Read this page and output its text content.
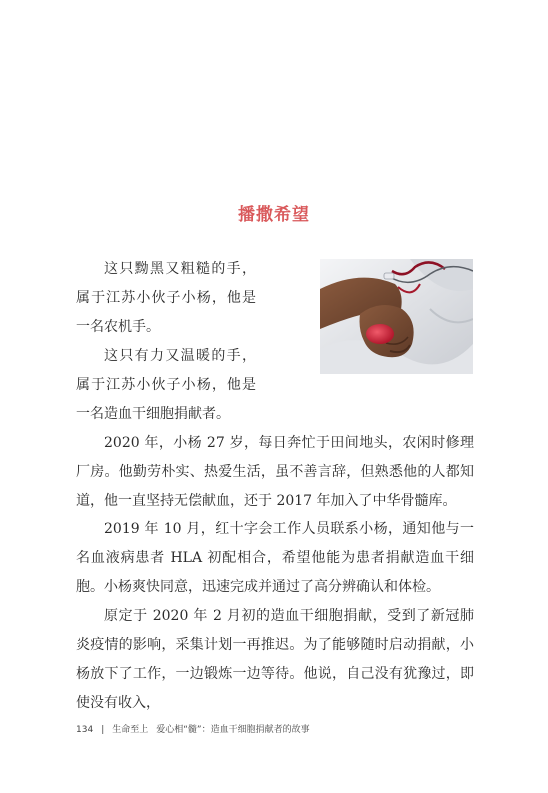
播撒希望

这只黝黑又粗糙的手，属于江苏小伙子小杨，他是一名农机手。

这只有力又温暖的手，属于江苏小伙子小杨，他是一名造血干细胞捐献者。

2020 年，小杨 27 岁，每日奔忙于田间地头，农闲时修理厂房。他勤劳朴实、热爱生活，虽不善言辞，但熟悉他的人都知道，他一直坚持无偿献血，还于 2017 年加入了中华骨髓库。

2019 年 10 月，红十字会工作人员联系小杨，通知他与一名血液病患者 HLA 初配相合，希望他能为患者捐献造血干细胞。小杨爽快同意，迅速完成并通过了高分辨确认和体检。

原定于 2020 年 2 月初的造血干细胞捐献，受到了新冠肺炎疫情的影响，采集计划一再推迟。为了能够随时启动捐献，小杨放下了工作，一边锻炼一边等待。他说，自己没有犹豫过，即使没有收入，

134 | 生命至上 爱心相“髓”：造血干细胞捐献者的故事
